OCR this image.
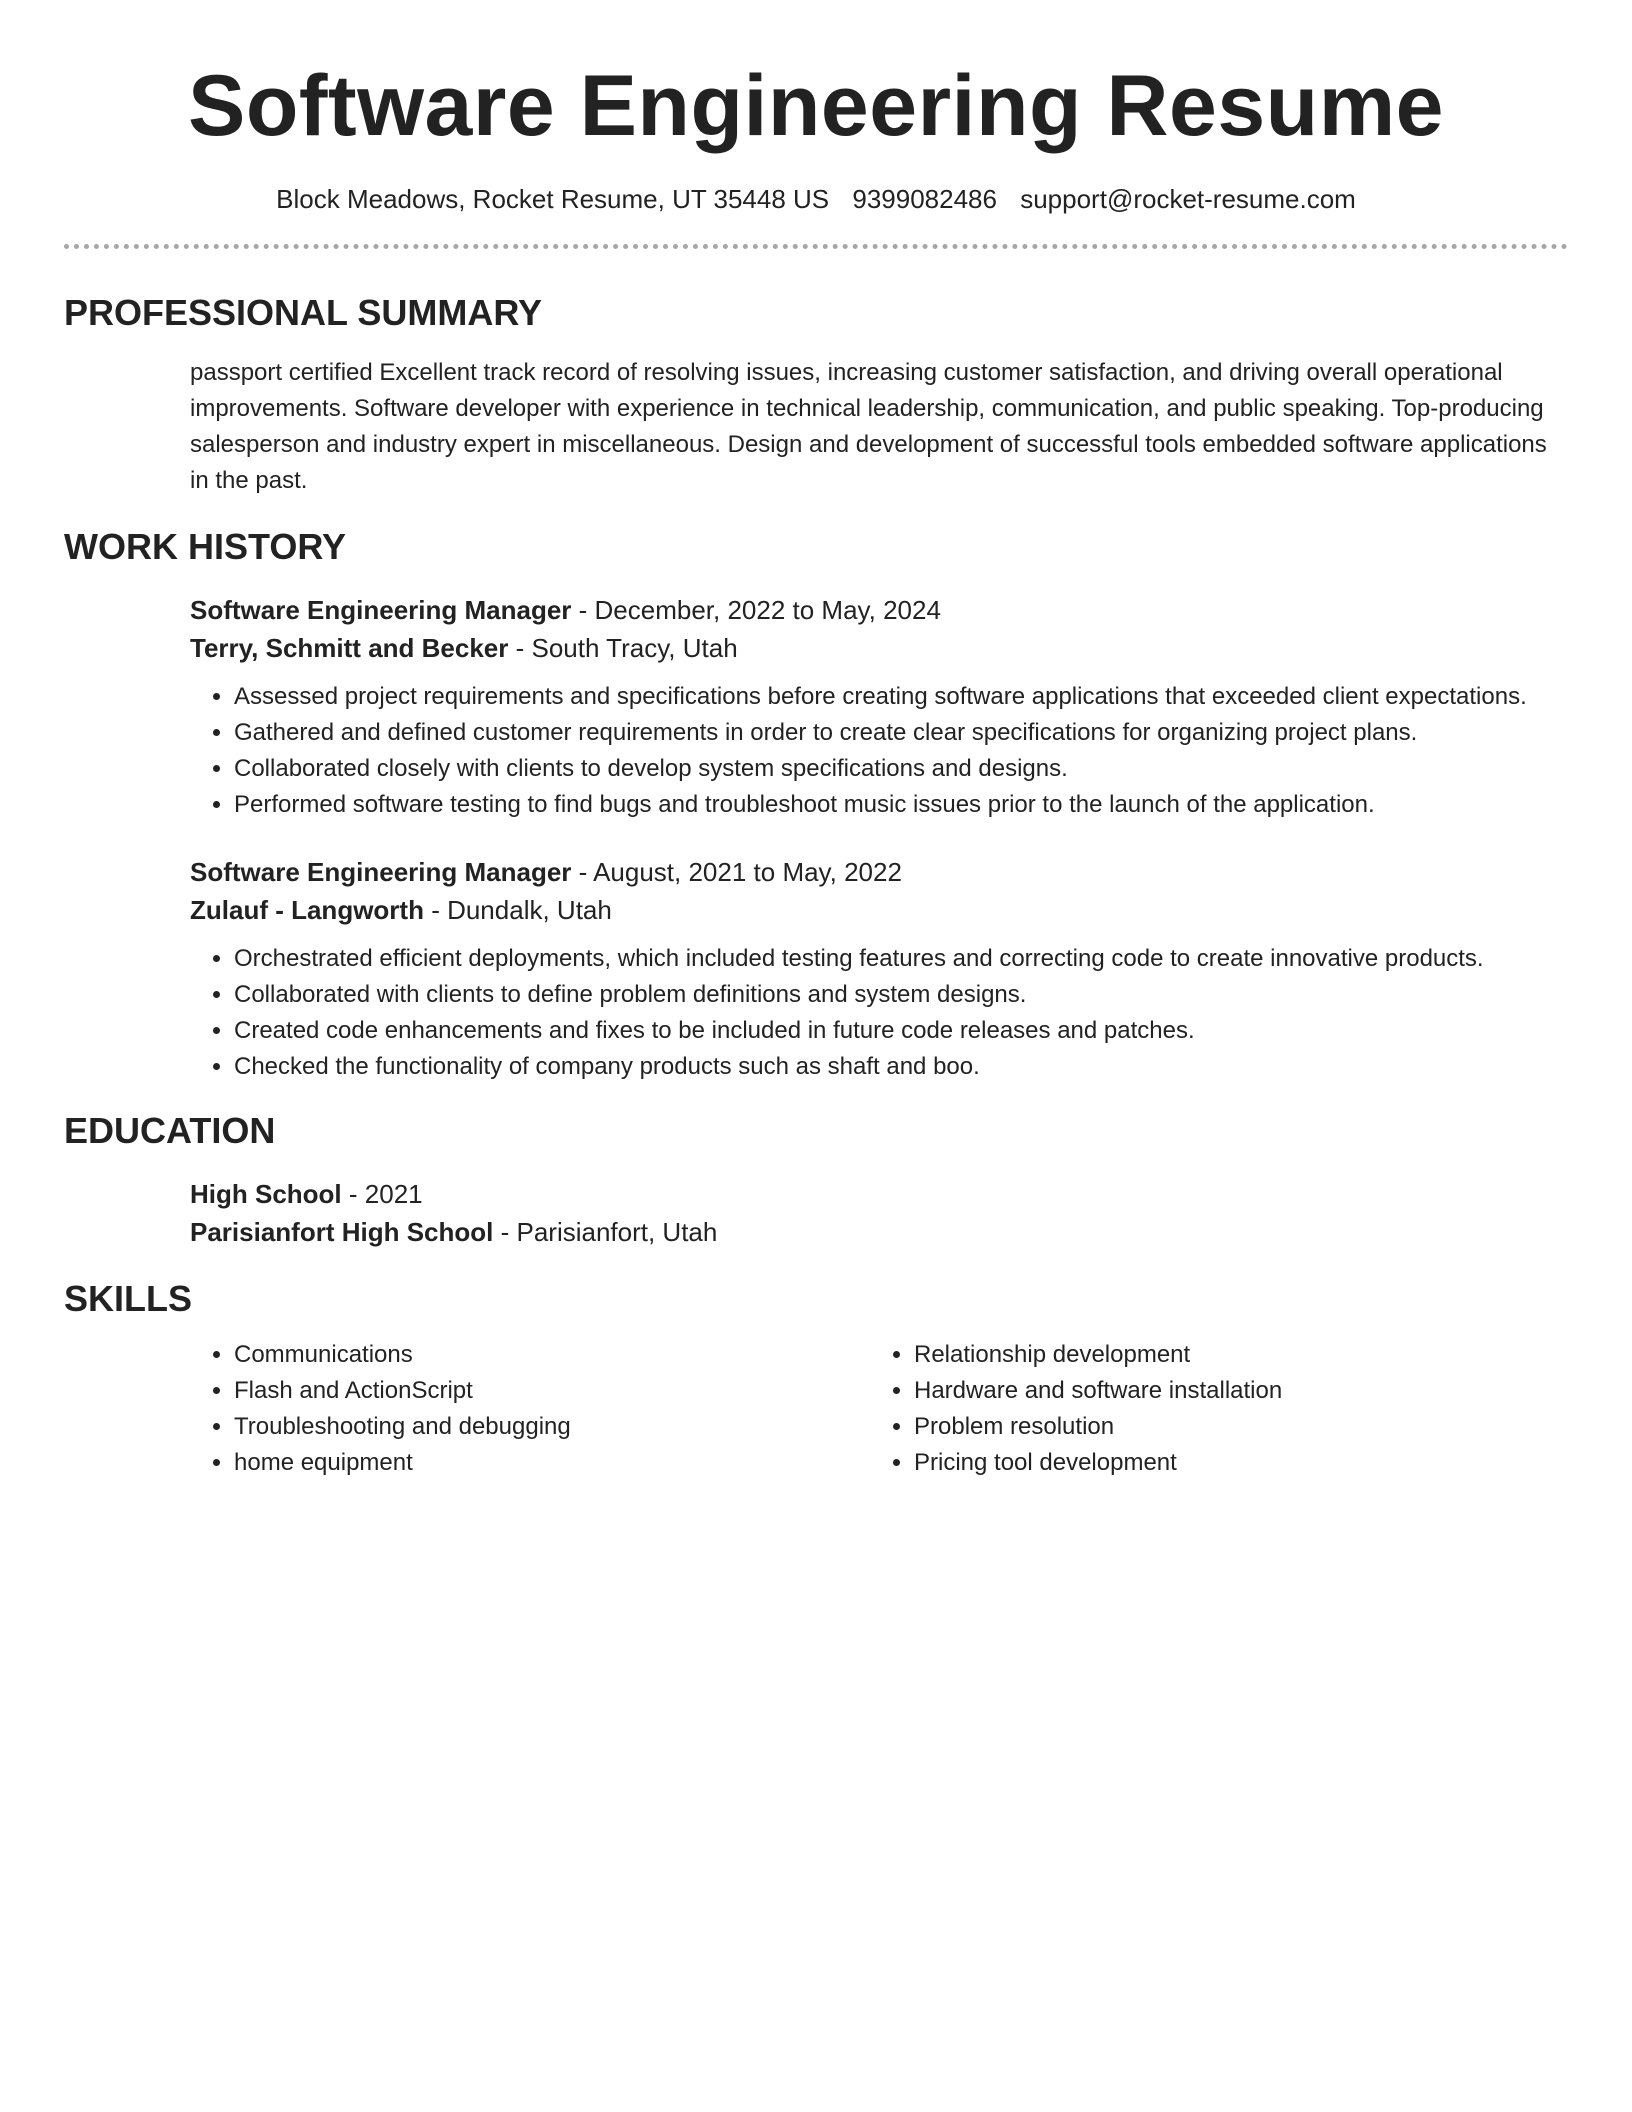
Software Engineering Resume
Block Meadows, Rocket Resume, UT 35448 US 9399082486 support@rocket-resume.com
PROFESSIONAL SUMMARY
passport certified Excellent track record of resolving issues, increasing customer satisfaction, and driving overall operational improvements. Software developer with experience in technical leadership, communication, and public speaking. Top-producing salesperson and industry expert in miscellaneous. Design and development of successful tools embedded software applications in the past.
WORK HISTORY
Software Engineering Manager - December, 2022 to May, 2024
Terry, Schmitt and Becker - South Tracy, Utah
• Assessed project requirements and specifications before creating software applications that exceeded client expectations.
• Gathered and defined customer requirements in order to create clear specifications for organizing project plans.
• Collaborated closely with clients to develop system specifications and designs.
• Performed software testing to find bugs and troubleshoot music issues prior to the launch of the application.
Software Engineering Manager - August, 2021 to May, 2022
Zulauf - Langworth - Dundalk, Utah
• Orchestrated efficient deployments, which included testing features and correcting code to create innovative products.
• Collaborated with clients to define problem definitions and system designs.
• Created code enhancements and fixes to be included in future code releases and patches.
• Checked the functionality of company products such as shaft and boo.
EDUCATION
High School - 2021
Parisianfort High School - Parisianfort, Utah
SKILLS
• Communications
• Flash and ActionScript
• Troubleshooting and debugging
• home equipment
• Relationship development
• Hardware and software installation
• Problem resolution
• Pricing tool development
